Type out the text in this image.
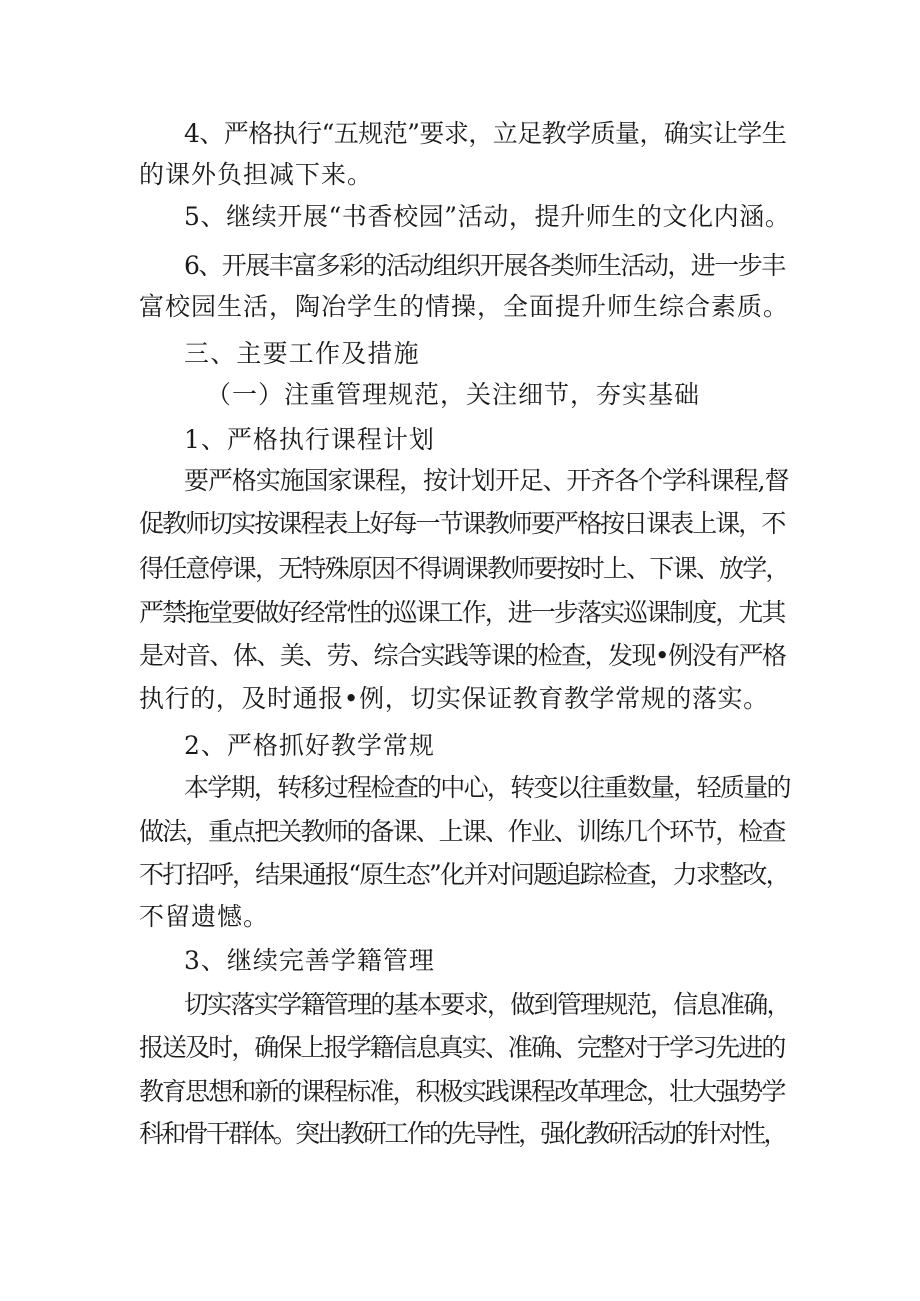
4、严格执行“五规范”要求，立足教学质量，确实让学生
的课外负担减下来。
5、继续开展“书香校园”活动，提升师生的文化内涵。
6、开展丰富多彩的活动组织开展各类师生活动，进一步丰
富校园生活，陶冶学生的情操，全面提升师生综合素质。
三、主要工作及措施
（一）注重管理规范，关注细节，夯实基础
1、严格执行课程计划
要严格实施国家课程，按计划开足、开齐各个学科课程,督
促教师切实按课程表上好每一节课教师要严格按日课表上课，不
得任意停课，无特殊原因不得调课教师要按时上、下课、放学，
严禁拖堂要做好经常性的巡课工作，进一步落实巡课制度，尤其
是对音、体、美、劳、综合实践等课的检查，发现•例没有严格
执行的，及时通报•例，切实保证教育教学常规的落实。
2、严格抓好教学常规
本学期，转移过程检查的中心，转变以往重数量，轻质量的
做法，重点把关教师的备课、上课、作业、训练几个环节，检查
不打招呼，结果通报“原生态”化并对问题追踪检查，力求整改，
不留遗憾。
3、继续完善学籍管理
切实落实学籍管理的基本要求，做到管理规范，信息准确，
报送及时，确保上报学籍信息真实、准确、完整对于学习先进的
教育思想和新的课程标准，积极实践课程改革理念，壮大强势学
科和骨干群体。突出教研工作的先导性，强化教研活动的针对性，
